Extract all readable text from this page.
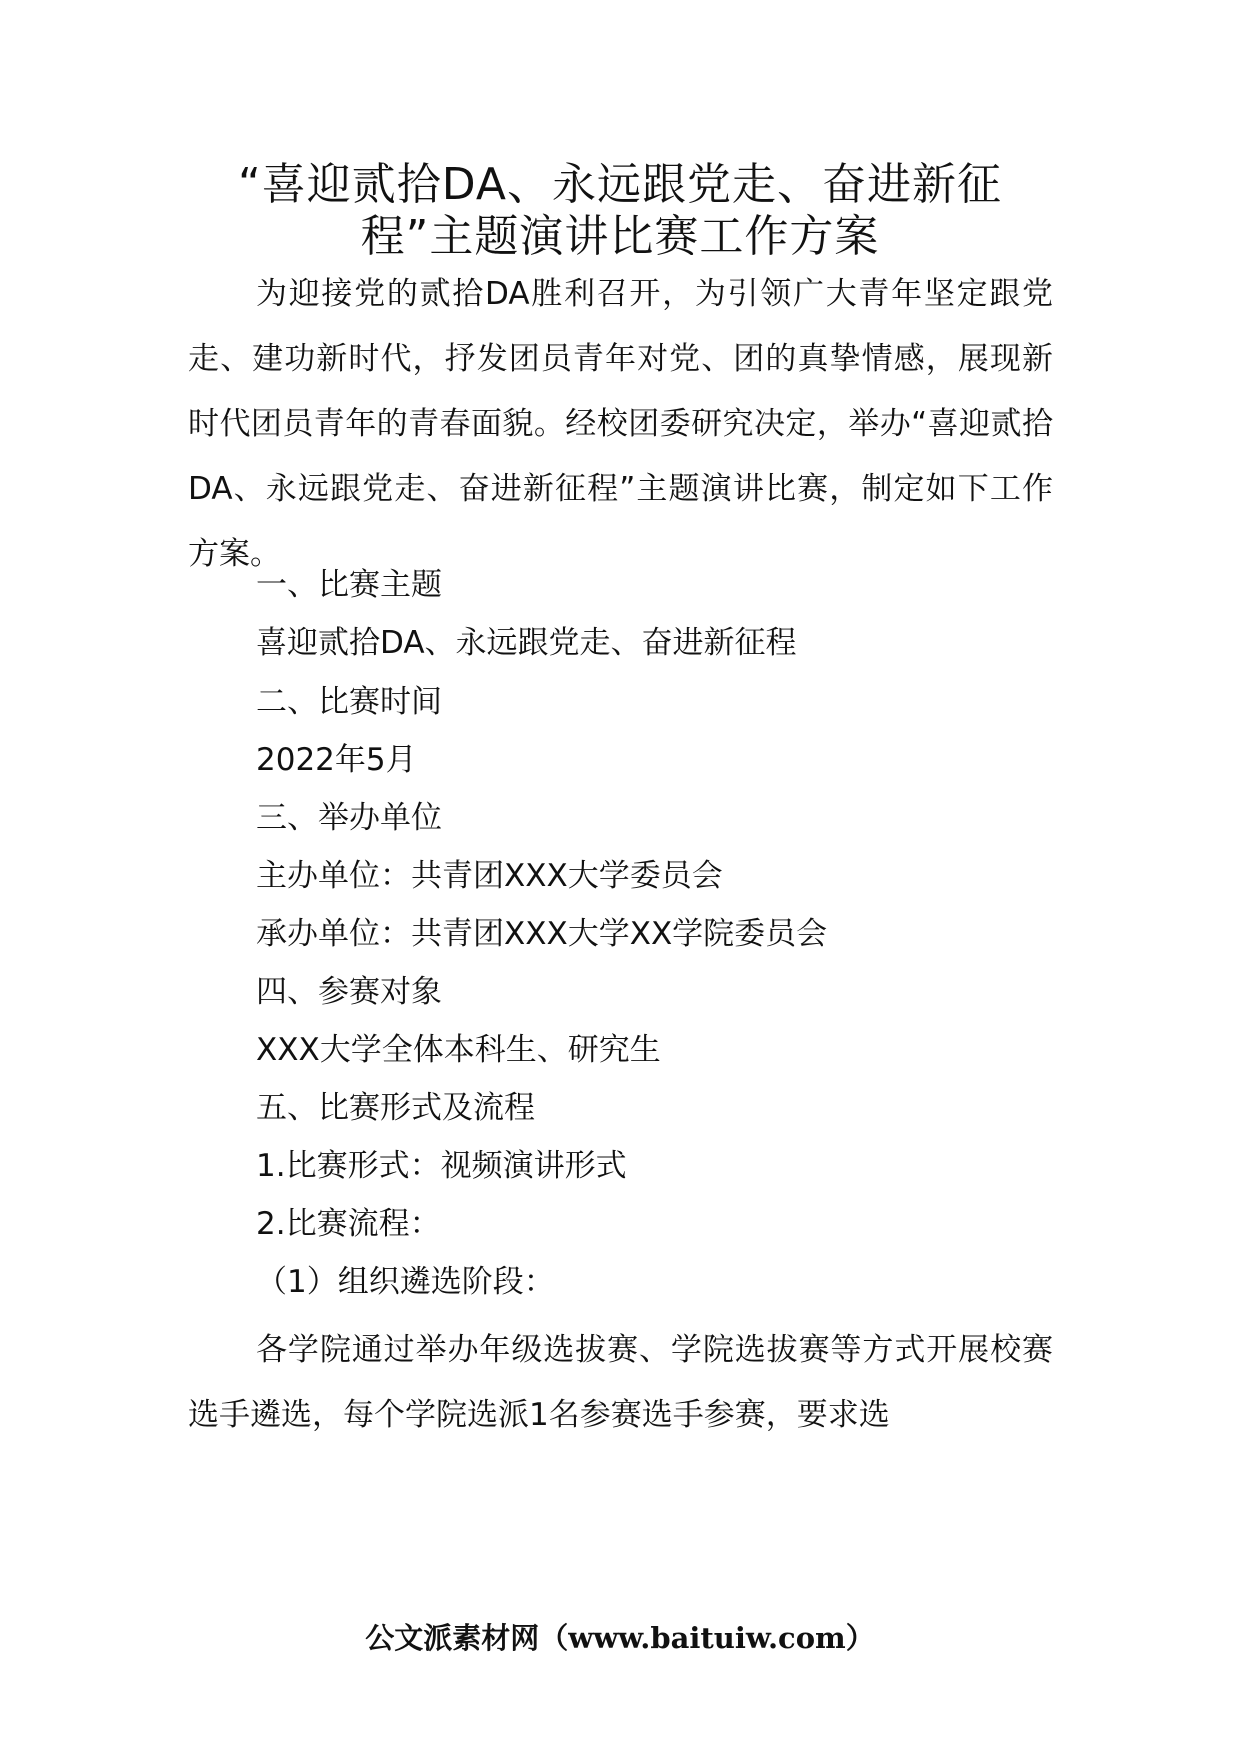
“喜迎贰拾DA、永远跟党走、奋进新征
程”主题演讲比赛工作方案

为迎接党的贰拾DA胜利召开，为引领广大青年坚定跟党走、建功新时代，抒发团员青年对党、团的真挚情感，展现新时代团员青年的青春面貌。经校团委研究决定，举办“喜迎贰拾DA、永远跟党走、奋进新征程”主题演讲比赛，制定如下工作方案。

一、比赛主题

喜迎贰拾DA、永远跟党走、奋进新征程

二、比赛时间

2022年5月

三、举办单位

主办单位：共青团XXX大学委员会

承办单位：共青团XXX大学XX学院委员会

四、参赛对象

XXX大学全体本科生、研究生

五、比赛形式及流程

1.比赛形式：视频演讲形式

2.比赛流程：

（1）组织遴选阶段：

各学院通过举办年级选拔赛、学院选拔赛等方式开展校赛选手遴选，每个学院选派1名参赛选手参赛，要求选

公文派素材网（www.baituiw.com）
